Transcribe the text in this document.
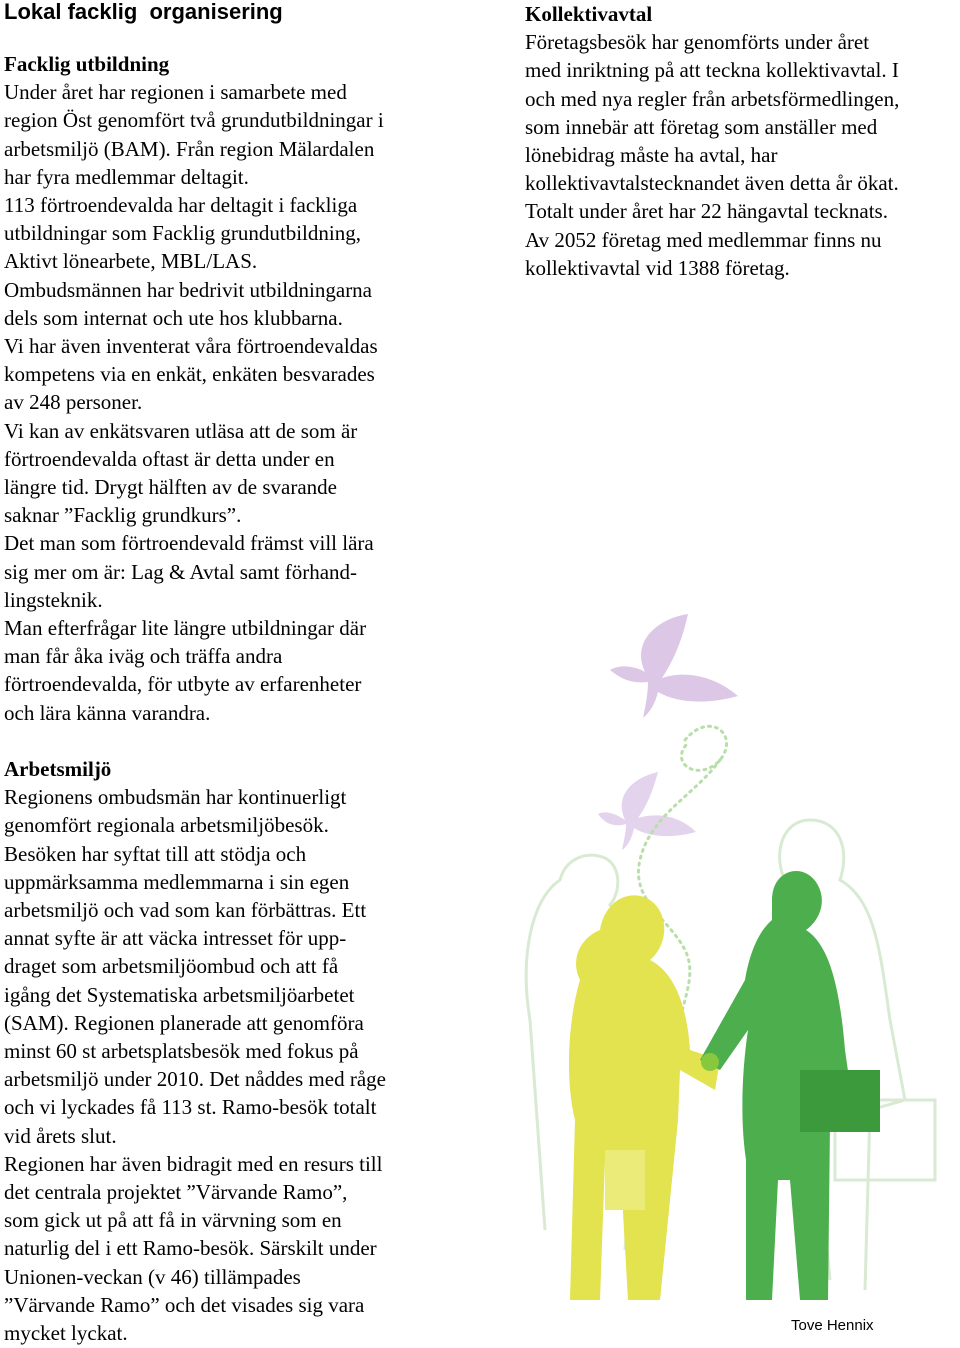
Lokal facklig  organisering
Facklig utbildning
Under året har regionen i samarbete med
region Öst genomfört två grundutbildningar i
arbetsmiljö (BAM). Från region Mälardalen
har fyra medlemmar deltagit.
113 förtroendevalda har deltagit i fackliga
utbildningar som Facklig grundutbildning,
Aktivt lönearbete, MBL/LAS.
Ombudsmännen har bedrivit utbildningarna
dels som internat och ute hos klubbarna.
Vi har även inventerat våra förtroendevaldas
kompetens via en enkät, enkäten besvarades
av 248 personer.
Vi kan av enkätsvaren utläsa att de som är
förtroendevalda oftast är detta under en
längre tid. Drygt hälften av de svarande
saknar ”Facklig grundkurs”.
Det man som förtroendevald främst vill lära
sig mer om är: Lag & Avtal samt förhand-
lingsteknik.
Man efterfrågar lite längre utbildningar där
man får åka iväg och träffa andra
förtroendevalda, för utbyte av erfarenheter
och lära känna varandra.
Arbetsmiljö
Regionens ombudsmän har kontinuerligt
genomfört regionala arbetsmiljöbesök.
Besöken har syftat till att stödja och
uppmärksamma medlemmarna i sin egen
arbetsmiljö och vad som kan förbättras. Ett
annat syfte är att väcka intresset för upp-
draget som arbetsmiljöombud och att få
igång det Systematiska arbetsmiljöarbetet
(SAM). Regionen planerade att genomföra
minst 60 st arbetsplatsbesök med fokus på
arbetsmiljö under 2010. Det nåddes med råge
och vi lyckades få 113 st. Ramo-besök totalt
vid årets slut.
Regionen har även bidragit med en resurs till
det centrala projektet ”Värvande Ramo”,
som gick ut på att få in värvning som en
naturlig del i ett Ramo-besök. Särskilt under
Unionen-veckan (v 46) tillämpades
”Värvande Ramo” och det visades sig vara
mycket lyckat.
Kollektivavtal
Företagsbesök har genomförts under året
med inriktning på att teckna kollektivavtal. I
och med nya regler från arbetsförmedlingen,
som innebär att företag som anställer med
lönebidrag måste ha avtal, har
kollektivavtalstecknandet även detta år ökat.
Totalt under året har 22 hängavtal tecknats.
Av 2052 företag med medlemmar finns nu
kollektivavtal vid 1388 företag.
Tove Hennix
